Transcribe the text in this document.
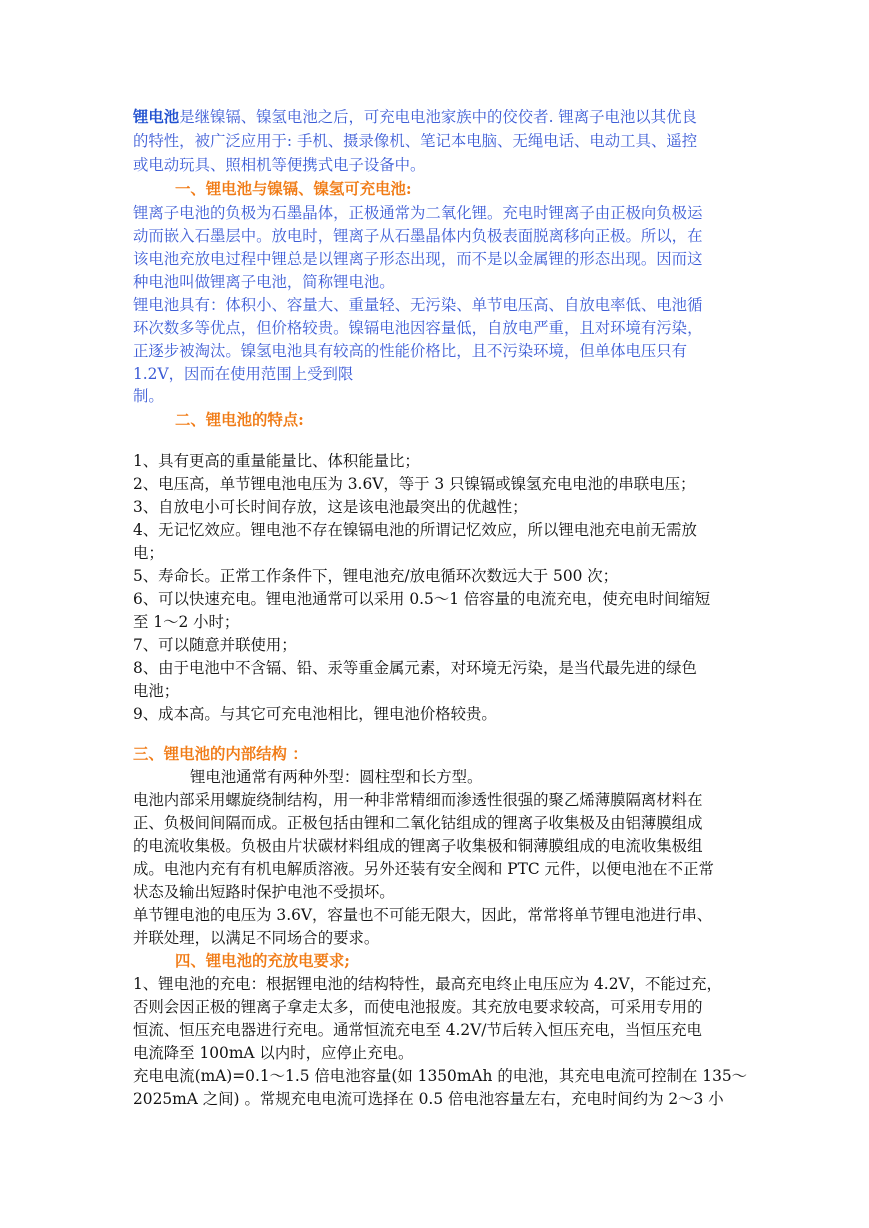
锂电池是继镍镉、镍氢电池之后，可充电电池家族中的佼佼者. 锂离子电池以其优良

的特性，被广泛应用于: 手机、摄录像机、笔记本电脑、无绳电话、电动工具、遥控

或电动玩具、照相机等便携式电子设备中。

一、锂电池与镍镉、镍氢可充电池:

锂离子电池的负极为石墨晶体，正极通常为二氧化锂。充电时锂离子由正极向负极运

动而嵌入石墨层中。放电时，锂离子从石墨晶体内负极表面脱离移向正极。所以，在

该电池充放电过程中锂总是以锂离子形态出现，而不是以金属锂的形态出现。因而这

种电池叫做锂离子电池，简称锂电池。

锂电池具有：体积小、容量大、重量轻、无污染、单节电压高、自放电率低、电池循

环次数多等优点，但价格较贵。镍镉电池因容量低，自放电严重，且对环境有污染，

正逐步被淘汰。镍氢电池具有较高的性能价格比，且不污染环境，但单体电压只有

1.2V，因而在使用范围上受到限

制。

二、锂电池的特点:

1、具有更高的重量能量比、体积能量比；

2、电压高，单节锂电池电压为 3.6V，等于 3 只镍镉或镍氢充电电池的串联电压；

3、自放电小可长时间存放，这是该电池最突出的优越性；

4、无记忆效应。锂电池不存在镍镉电池的所谓记忆效应，所以锂电池充电前无需放

电；

5、寿命长。正常工作条件下，锂电池充/放电循环次数远大于 500 次；

6、可以快速充电。锂电池通常可以采用 0.5～1 倍容量的电流充电，使充电时间缩短

至 1～2 小时；

7、可以随意并联使用；

8、由于电池中不含镉、铅、汞等重金属元素，对环境无污染，是当代最先进的绿色

电池；

9、成本高。与其它可充电池相比，锂电池价格较贵。

三、锂电池的内部结构 ：

锂电池通常有两种外型：圆柱型和长方型。

电池内部采用螺旋绕制结构，用一种非常精细而渗透性很强的聚乙烯薄膜隔离材料在

正、负极间间隔而成。正极包括由锂和二氧化钴组成的锂离子收集极及由铝薄膜组成

的电流收集极。负极由片状碳材料组成的锂离子收集极和铜薄膜组成的电流收集极组

成。电池内充有有机电解质溶液。另外还装有安全阀和 PTC 元件，以便电池在不正常

状态及输出短路时保护电池不受损坏。

单节锂电池的电压为 3.6V，容量也不可能无限大，因此，常常将单节锂电池进行串、

并联处理，以满足不同场合的要求。

四、锂电池的充放电要求;

1、锂电池的充电：根据锂电池的结构特性，最高充电终止电压应为 4.2V，不能过充，

否则会因正极的锂离子拿走太多，而使电池报废。其充放电要求较高，可采用专用的

恒流、恒压充电器进行充电。通常恒流充电至 4.2V/节后转入恒压充电，当恒压充电

电流降至 100mA 以内时，应停止充电。

充电电流(mA)=0.1～1.5 倍电池容量(如 1350mAh 的电池，其充电电流可控制在 135～

2025mA 之间) 。常规充电电流可选择在 0.5 倍电池容量左右，充电时间约为 2～3 小
